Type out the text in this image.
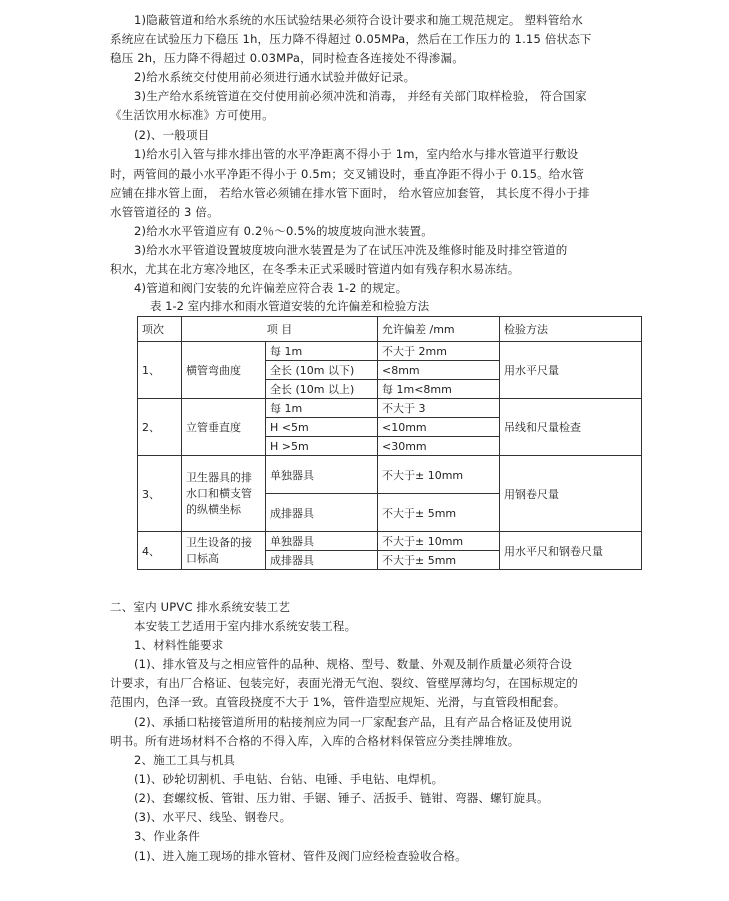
1)隐蔽管道和给水系统的水压试验结果必须符合设计要求和施工规范规定。 塑料管给水
系统应在试验压力下稳压 1h，压力降不得超过 0.05MPa，然后在工作压力的 1.15 倍状态下
稳压 2h，压力降不得超过 0.03MPa，同时检查各连接处不得渗漏。
2)给水系统交付使用前必须进行通水试验并做好记录。
3)生产给水系统管道在交付使用前必须冲洗和消毒， 并经有关部门取样检验， 符合国家
《生活饮用水标准》方可使用。
(2)、一般项目
1)给水引入管与排水排出管的水平净距离不得小于 1m，室内给水与排水管道平行敷设
时，两管间的最小水平净距不得小于 0.5m；交叉铺设时，垂直净距不得小于 0.15。给水管
应铺在排水管上面， 若给水管必须铺在排水管下面时， 给水管应加套管， 其长度不得小于排
水管管道径的 3 倍。
2)给水水平管道应有 0.2％～0.5%的坡度坡向泄水装置。
3)给水水平管道设置坡度坡向泄水装置是为了在试压冲洗及维修时能及时排空管道的
积水，尤其在北方寒冷地区，在冬季未正式采暖时管道内如有残存积水易冻结。
4)管道和阀门安装的允许偏差应符合表 1-2 的规定。
表 1-2 室内排水和雨水管道安装的允许偏差和检验方法
项次	项 目		允许偏差 /mm	检验方法
1、	横管弯曲度	每 1m	不大于 2mm	用水平尺量
		全长 (10m 以下)	<8mm	
		全长 (10m 以上)	每 1m<8mm	
2、	立管垂直度	每 1m	不大于 3	吊线和尺量检查
		H <5m	<10mm	
		H >5m	<30mm	
3、	卫生器具的排水口和横支管的纵横坐标	单独器具	不大于± 10mm	用钢卷尺量
		成排器具	不大于± 5mm	
4、	卫生设备的接口标高	单独器具	不大于± 10mm	用水平尺和钢卷尺量
		成排器具	不大于± 5mm	
二、室内 UPVC 排水系统安装工艺
本安装工艺适用于室内排水系统安装工程。
1、材料性能要求
(1)、排水管及与之相应管件的品种、规格、型号、数量、外观及制作质量必须符合设
计要求，有出厂合格证、包装完好，表面光滑无气泡、裂纹、管壁厚薄均匀，在国标规定的
范围内，色泽一致。直管段挠度不大于 1%，管件造型应规矩、光滑，与直管段相配套。
(2)、承插口粘接管道所用的粘接剂应为同一厂家配套产品，且有产品合格证及使用说
明书。所有进场材料不合格的不得入库，入库的合格材料保管应分类挂牌堆放。
2、施工工具与机具
(1)、砂轮切割机、手电钻、台钻、电锤、手电钻、电焊机。
(2)、套螺纹板、管钳、压力钳、手锯、锤子、活扳手、链钳、弯器、螺钉旋具。
(3)、水平尺、线坠、钢卷尺。
3、作业条件
(1)、进入施工现场的排水管材、管件及阀门应经检查验收合格。
